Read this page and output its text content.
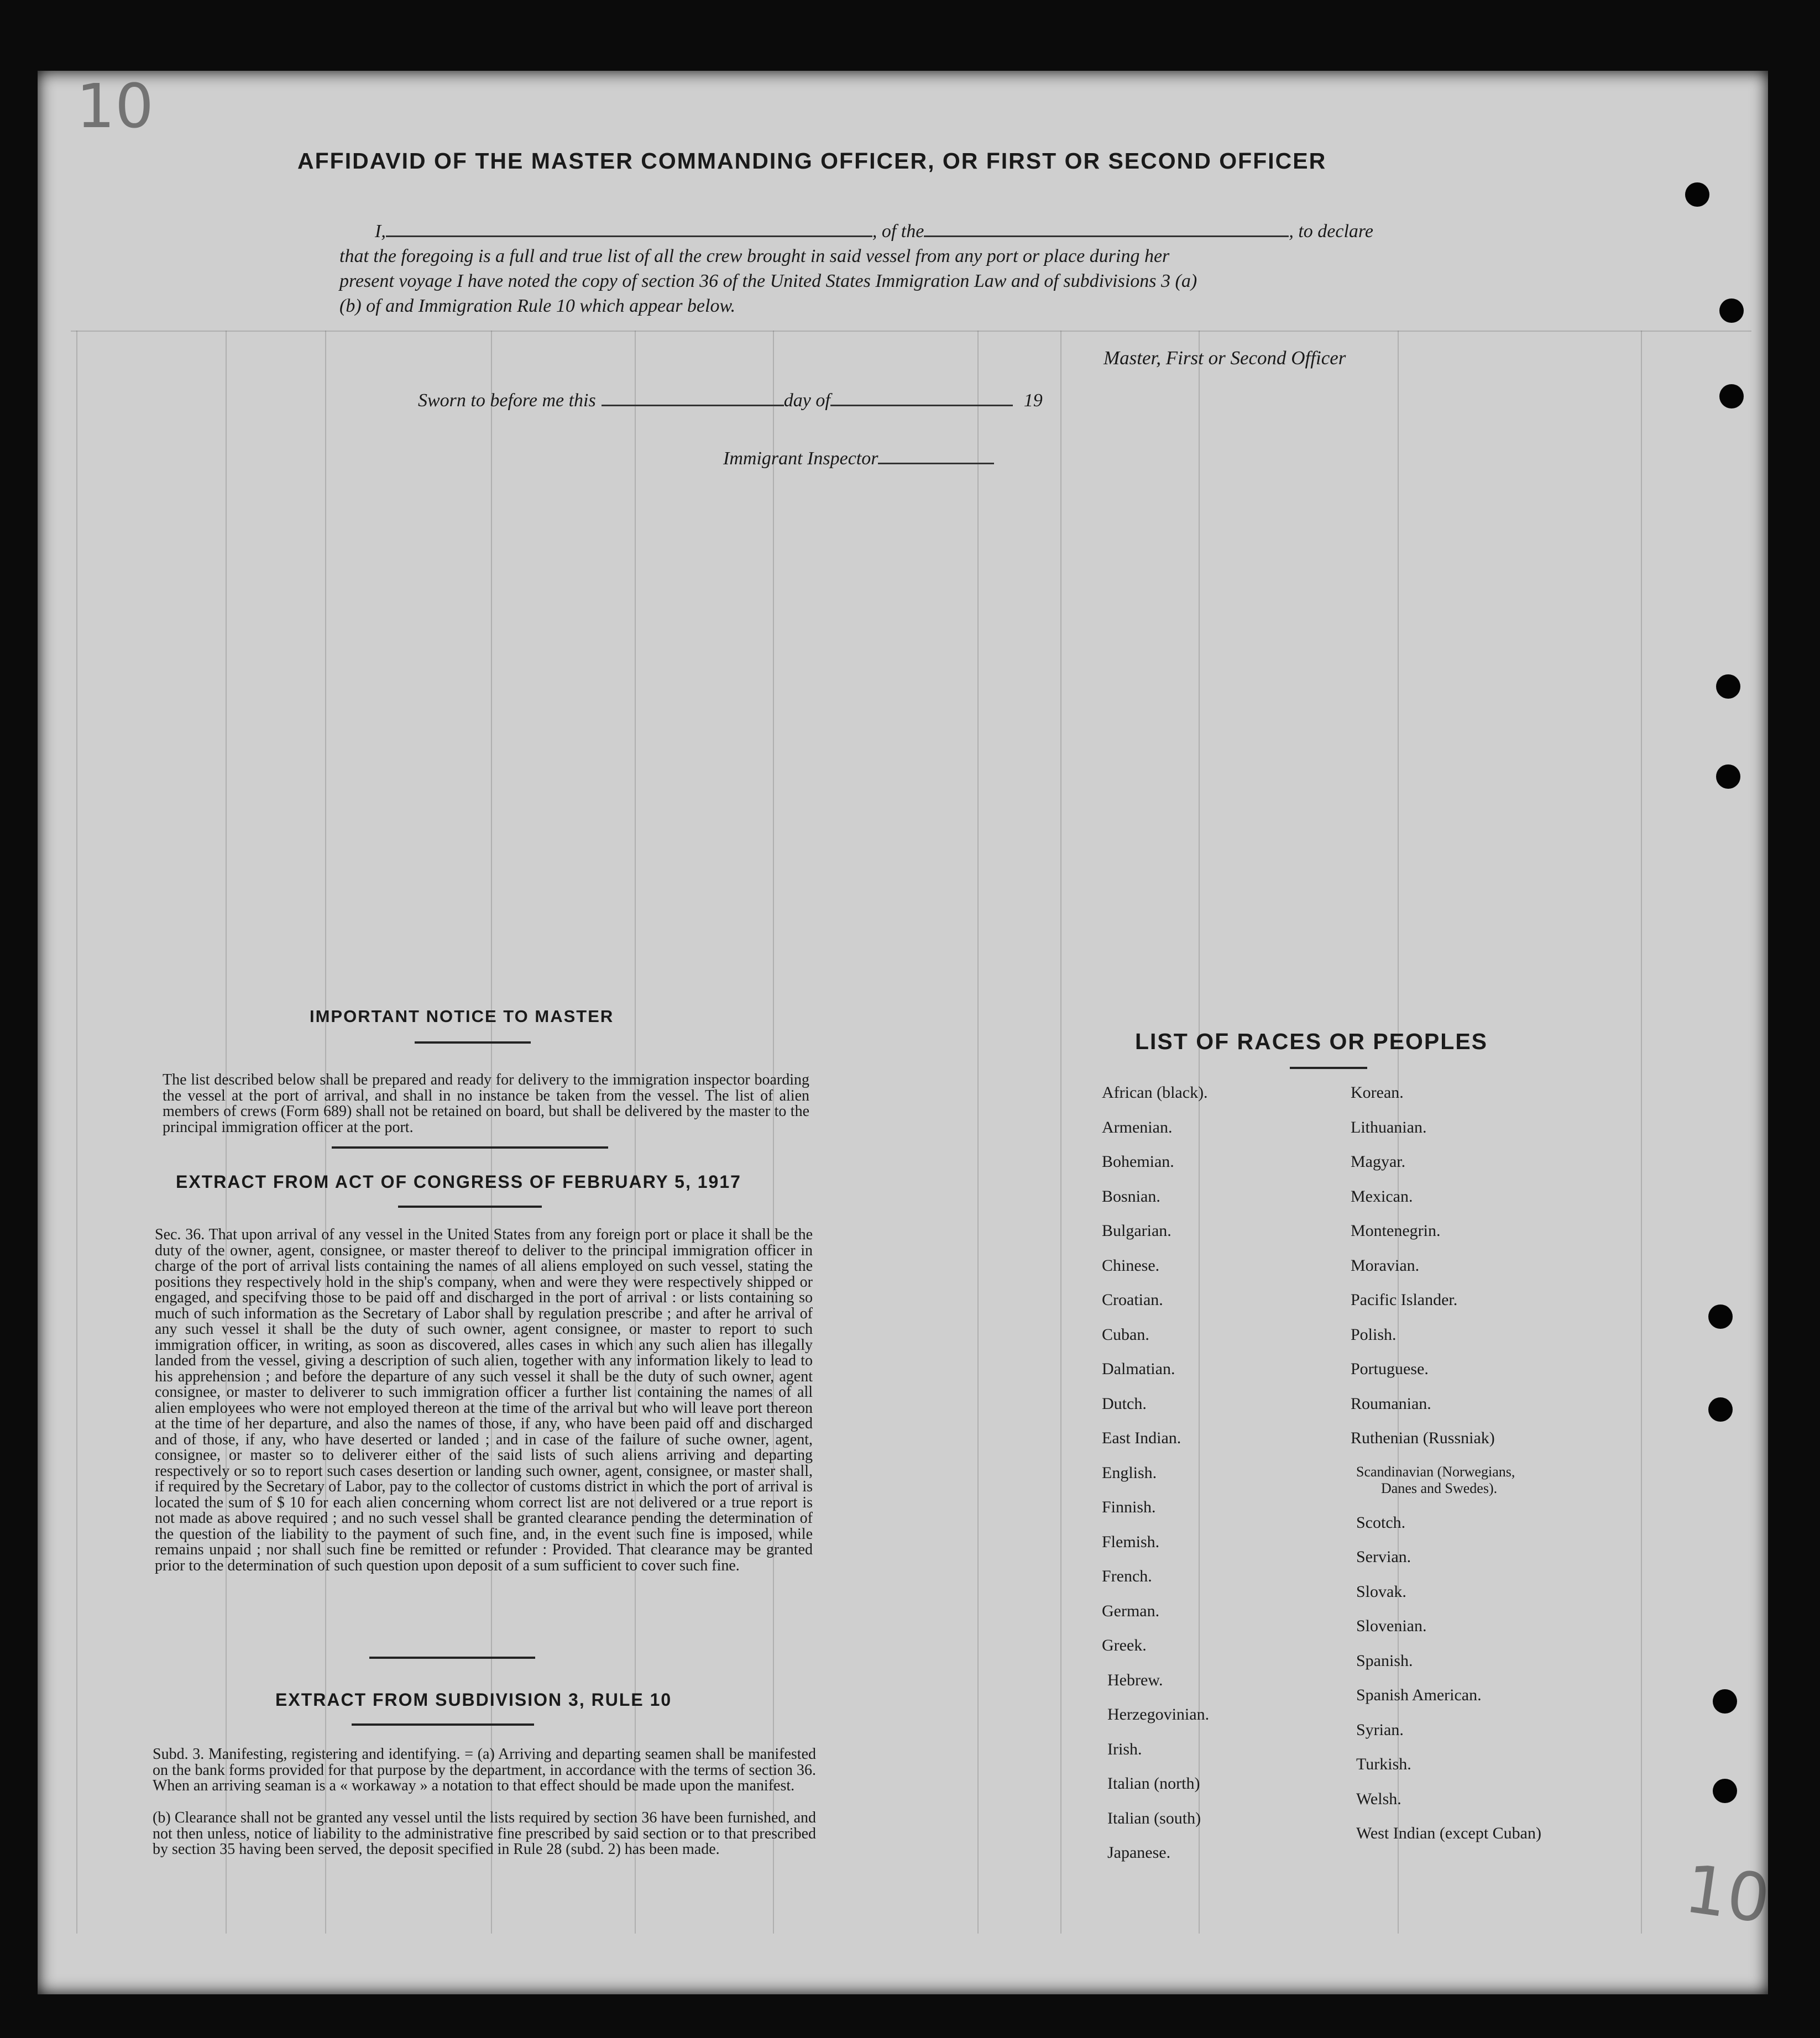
10
AFFIDAVID OF THE MASTER COMMANDING OFFICER, OR FIRST OR SECOND OFFICER
I,	, of the	, to declare
that the foregoing is a full and true list of all the crew brought in said vessel from any port or place during her
present voyage I have noted the copy of section 36 of the United States Immigration Law and of subdivisions 3 (a)
(b) of and Immigration Rule 10 which appear below.
Master, First or Second Officer
Sworn to before me this	day of	19
Immigrant Inspector
IMPORTANT NOTICE TO MASTER
The list described below shall be prepared and ready for delivery to the immigration inspector boarding the vessel at the port of arrival, and shall in no instance be taken from the vessel. The list of alien members of crews (Form 689) shall not be retained on board, but shall be delivered by the master to the principal immigration officer at the port.
EXTRACT FROM ACT OF CONGRESS OF FEBRUARY 5, 1917
Sec. 36. That upon arrival of any vessel in the United States from any foreign port or place it shall be the duty of the owner, agent, consignee, or master thereof to deliver to the principal immigration officer in charge of the port of arrival lists containing the names of all aliens employed on such vessel, stating the positions they respectively hold in the ship's company, when and were they were respectively shipped or engaged, and specifving those to be paid off and discharged in the port of arrival : or lists containing so much of such information as the Secretary of Labor shall by regulation prescribe ; and after he arrival of any such vessel it shall be the duty of such owner, agent consignee, or master to report to such immigration officer, in writing, as soon as discovered, alles cases in which any such alien has illegally landed from the vessel, giving a description of such alien, together with any information likely to lead to his apprehension ; and before the departure of any such vessel it shall be the duty of such owner, agent consignee, or master to deliverer to such immigration officer a further list containing the names of all alien employees who were not employed thereon at the time of the arrival but who will leave port thereon at the time of her departure, and also the names of those, if any, who have been paid off and discharged and of those, if any, who have deserted or landed ; and in case of the failure of suche owner, agent, consignee, or master so to deliverer either of the said lists of such aliens arriving and departing respectively or so to report such cases desertion or landing such owner, agent, consignee, or master shall, if required by the Secretary of Labor, pay to the collector of customs district in which the port of arrival is located the sum of $ 10 for each alien concerning whom correct list are not delivered or a true report is not made as above required ; and no such vessel shall be granted clearance pending the determination of the question of the liability to the payment of such fine, and, in the event such fine is imposed, while remains unpaid ; nor shall such fine be remitted or refunder : Provided. That clearance may be granted prior to the determination of such question upon deposit of a sum sufficient to cover such fine.
EXTRACT FROM SUBDIVISION 3, RULE 10
Subd. 3. Manifesting, registering and identifying. = (a) Arriving and departing seamen shall be manifested on the bank forms provided for that purpose by the department, in accordance with the terms of section 36. When an arriving seaman is a « workaway » a notation to that effect should be made upon the manifest.
(b) Clearance shall not be granted any vessel until the lists required by section 36 have been furnished, and not then unless, notice of liability to the administrative fine prescribed by said section or to that prescribed by section 35 having been served, the deposit specified in Rule 28 (subd. 2) has been made.
LIST OF RACES OR PEOPLES
African (black).
Armenian.
Bohemian.
Bosnian.
Bulgarian.
Chinese.
Croatian.
Cuban.
Dalmatian.
Dutch.
East Indian.
English.
Finnish.
Flemish.
French.
German.
Greek.
Hebrew.
Herzegovinian.
Irish.
Italian (north)
Italian (south)
Japanese.
Korean.
Lithuanian.
Magyar.
Mexican.
Montenegrin.
Moravian.
Pacific Islander.
Polish.
Portuguese.
Roumanian.
Ruthenian (Russniak)
Scandinavian (Norwegians,
Danes and Swedes).
Scotch.
Servian.
Slovak.
Slovenian.
Spanish.
Spanish American.
Syrian.
Turkish.
Welsh.
West Indian (except Cuban)
10
